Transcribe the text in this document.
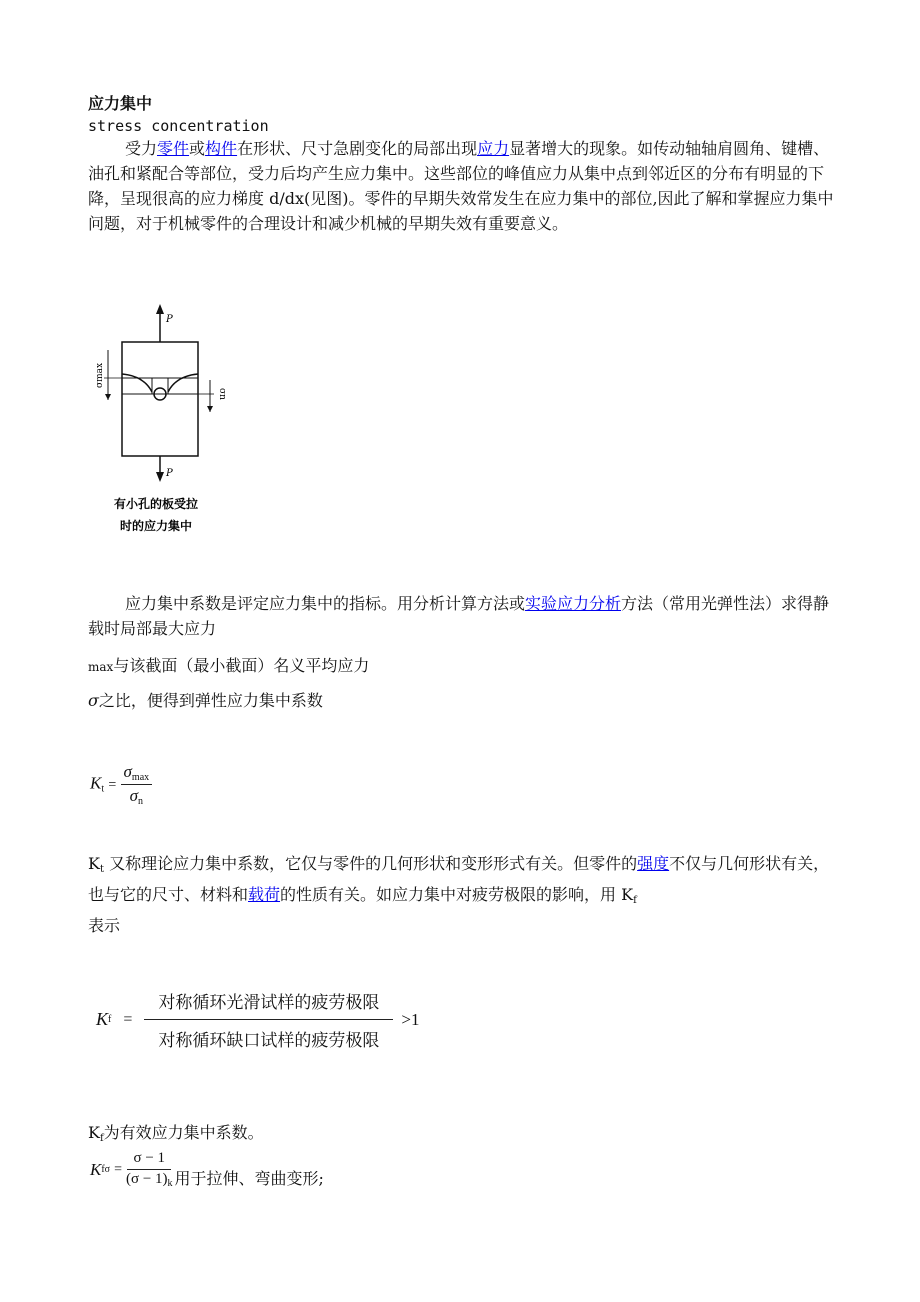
应力集中
stress concentration
受力零件或构件在形状、尺寸急剧变化的局部出现应力显著增大的现象。如传动轴轴肩圆角、键槽、油孔和紧配合等部位，受力后均产生应力集中。这些部位的峰值应力从集中点到邻近区的分布有明显的下降，呈现很高的应力梯度 d/dx(见图)。零件的早期失效常发生在应力集中的部位,因此了解和掌握应力集中问题，对于机械零件的合理设计和减少机械的早期失效有重要意义。
P
σmax
σn
P
有小孔的板受拉
时的应力集中
应力集中系数是评定应力集中的指标。用分析计算方法或实验应力分析方法（常用光弹性法）求得静载时局部最大应力
max与该截面（最小截面）名义平均应力
σ之比，便得到弹性应力集中系数
$K_t = \frac{\sigma_{max}}{\sigma_n}$
$K_t$ 又称理论应力集中系数，它仅与零件的几何形状和变形形式有关。但零件的强度不仅与几何形状有关，也与它的尺寸、材料和载荷的性质有关。如应力集中对疲劳极限的影响，用 $K_f$
表示
K $f = \frac{\text{对称循环光滑试样的疲劳极限}}{\text{对称循环缺口试样的疲劳极限}} >1$
$K_f$为有效应力集中系数。
K $f\sigma = \frac{\sigma - 1}{(\sigma - 1)_k}$ 用于拉伸、弯曲变形;
